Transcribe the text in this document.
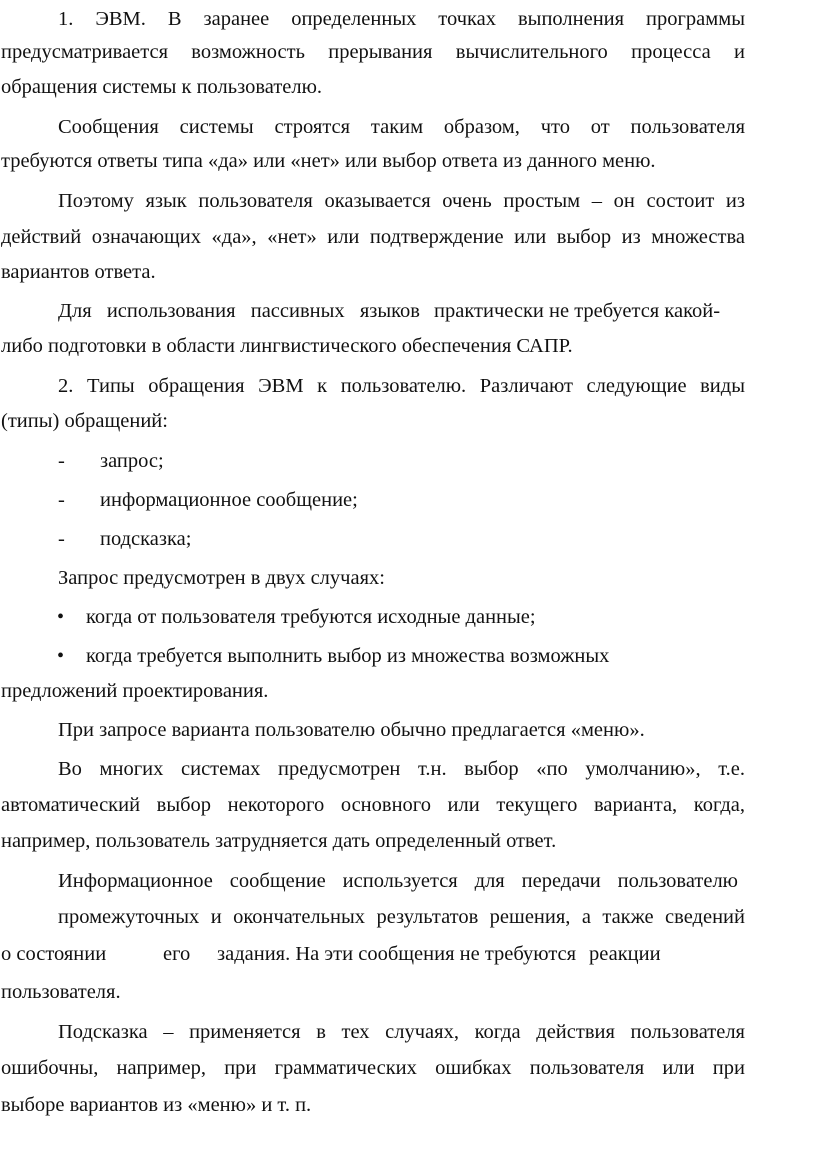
1. ЭВМ. В заранее определенных точках выполнения программы

предусматривается возможность прерывания вычислительного процесса и

обращения системы к пользователю.

Сообщения системы строятся таким образом, что от пользователя

требуются ответы типа «да» или «нет» или выбор ответа из данного меню.

Поэтому язык пользователя оказывается очень простым – он состоит из

действий означающих «да», «нет» или подтверждение или выбор из множества

вариантов ответа.

Для использования пассивных языков практически не требуется какой-

либо подготовки в области лингвистического обеспечения САПР.

2. Типы обращения ЭВМ к пользователю. Различают следующие виды

(типы) обращений:

- запрос;
- информационное сообщение;
- подсказка;

Запрос предусмотрен в двух случаях:

• когда от пользователя требуются исходные данные;
• когда требуется выполнить выбор из множества возможных

предложений проектирования.

При запросе варианта пользователю обычно предлагается «меню».

Во многих системах предусмотрен т.н. выбор «по умолчанию», т.е.

автоматический выбор некоторого основного или текущего варианта, когда,

например, пользователь затрудняется дать определенный ответ.

Информационное сообщение используется для передачи пользователю

промежуточных и окончательных результатов решения, а также сведений

о состоянии	его задания. На эти сообщения не требуются реакции

пользователя.

Подсказка – применяется в тех случаях, когда действия пользователя

ошибочны, например, при грамматических ошибках пользователя или при

выборе вариантов из «меню» и т. п.
